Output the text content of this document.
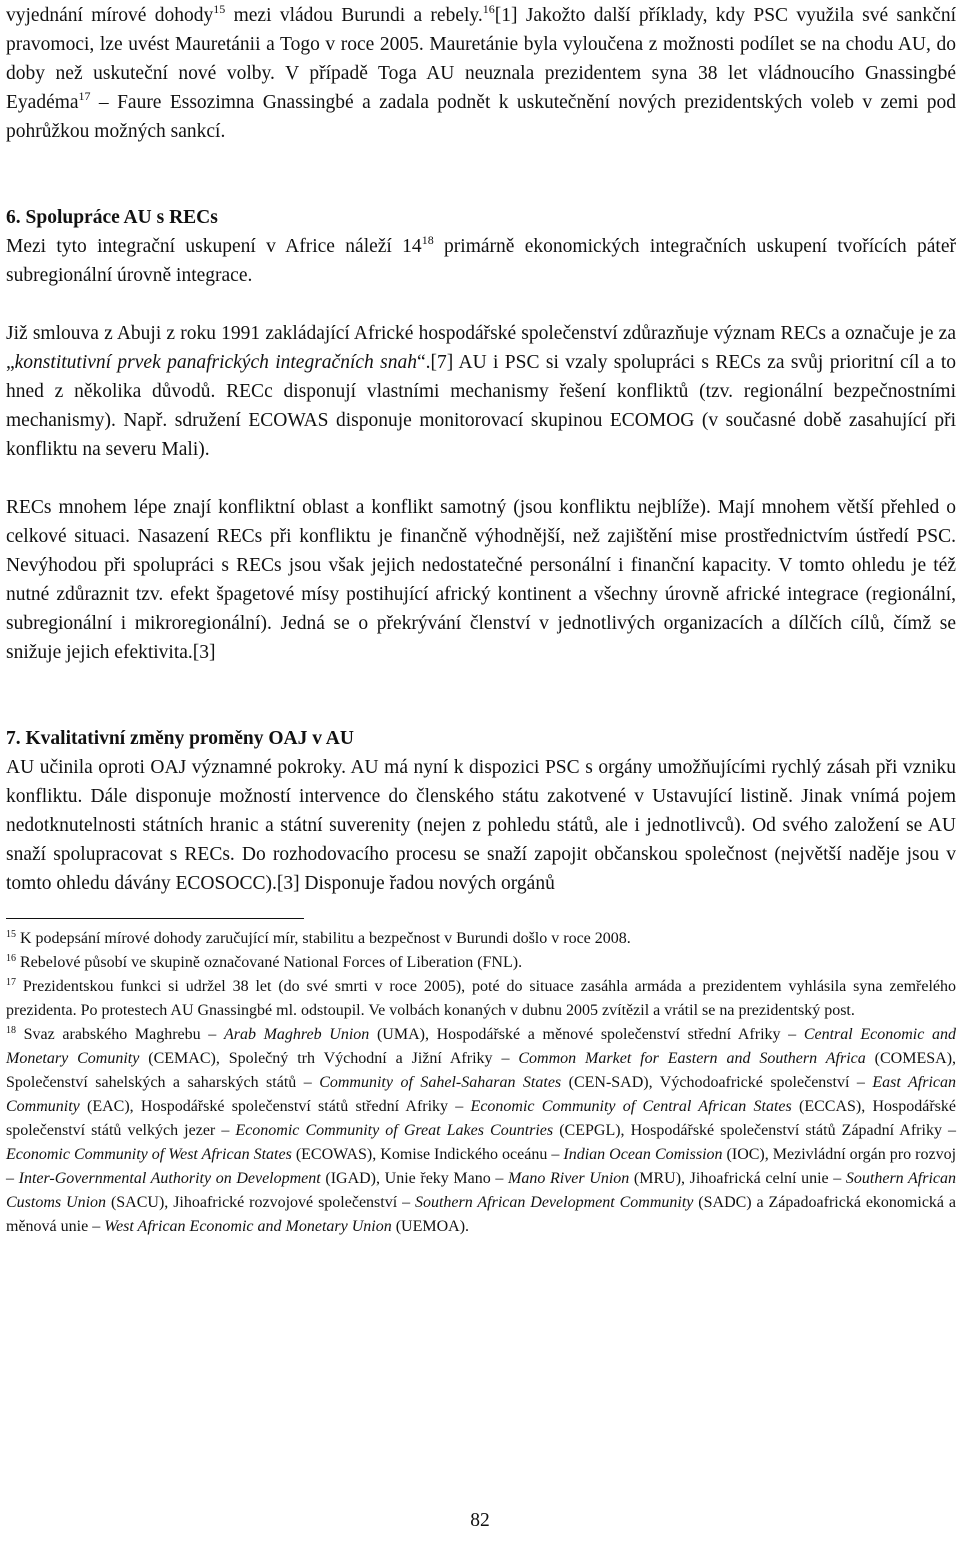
vyjednání mírové dohody$^{15}$ mezi vládou Burundi a rebely.$^{16}$[1] Jakožto další příklady, kdy PSC využila své sankční pravomoci, lze uvést Mauretánii a Togo v roce 2005. Mauretánie byla vyloučena z možnosti podílet se na chodu AU, do doby než uskuteční nové volby. V případě Toga AU neuznala prezidentem syna 38 let vládnoucího Gnassingbé Eyadéma$^{17}$ – Faure Essozimna Gnassingbé a zadala podnět k uskutečnění nových prezidentských voleb v zemi pod pohrůžkou možných sankcí.

6. Spolupráce AU s RECs

Mezi tyto integrační uskupení v Africe náleží $14^{18}$ primárně ekonomických integračních uskupení tvořících páteř subregionální úrovně integrace.

Již smlouva z Abuji z roku 1991 zakládající Africké hospodářské společenství zdůrazňuje význam RECs a označuje je za „konstitutivní prvek panafrických integračních snah“.[7] AU i PSC si vzaly spolupráci s RECs za svůj prioritní cíl a to hned z několika důvodů. RECc disponují vlastními mechanismy řešení konfliktů (tzv. regionální bezpečnostními mechanismy). Např. sdružení ECOWAS disponuje monitorovací skupinou ECOMOG (v současné době zasahující při konfliktu na severu Mali).

RECs mnohem lépe znají konfliktní oblast a konflikt samotný (jsou konfliktu nejblíže). Mají mnohem větší přehled o celkové situaci. Nasazení RECs při konfliktu je finančně výhodnější, než zajištění mise prostřednictvím ústředí PSC. Nevýhodou při spolupráci s RECs jsou však jejich nedostatečné personální i finanční kapacity. V tomto ohledu je též nutné zdůraznit tzv. efekt špagetové mísy postihující africký kontinent a všechny úrovně africké integrace (regionální, subregionální i mikroregionální). Jedná se o překrývání členství v jednotlivých organizacích a dílčích cílů, čímž se snižuje jejich efektivita.[3]

7. Kvalitativní změny proměny OAJ v AU

AU učinila oproti OAJ významné pokroky. AU má nyní k dispozici PSC s orgány umožňujícími rychlý zásah při vzniku konfliktu. Dále disponuje možností intervence do členského státu zakotvené v Ustavující listině. Jinak vnímá pojem nedotknutelnosti státních hranic a státní suverenity (nejen z pohledu států, ale i jednotlivců). Od svého založení se AU snaží spolupracovat s RECs. Do rozhodovacího procesu se snaží zapojit občanskou společnost (největší naděje jsou v tomto ohledu dávány ECOSOCC).[3] Disponuje řadou nových orgánů

$^{15}$ K podepsání mírové dohody zaručující mír, stabilitu a bezpečnost v Burundi došlo v roce 2008.

$^{16}$ Rebelové působí ve skupině označované National Forces of Liberation (FNL).

$^{17}$ Prezidentskou funkci si udržel 38 let (do své smrti v roce 2005), poté do situace zasáhla armáda a prezidentem vyhlásila syna zemřelého prezidenta. Po protestech AU Gnassingbé ml. odstoupil. Ve volbách konaných v dubnu 2005 zvítězil a vrátil se na prezidentský post.

$^{18}$ Svaz arabského Maghrebu – Arab Maghreb Union (UMA), Hospodářské a měnové společenství střední Afriky – Central Economic and Monetary Comunity (CEMAC), Společný trh Východní a Jižní Afriky – Common Market for Eastern and Southern Africa (COMESA), Společenství sahelských a saharských států – Community of Sahel-Saharan States (CEN-SAD), Východoafrické společenství – East African Community (EAC), Hospodářské společenství států střední Afriky – Economic Community of Central African States (ECCAS), Hospodářské společenství států velkých jezer – Economic Community of Great Lakes Countries (CEPGL), Hospodářské společenství států Západní Afriky – Economic Community of West African States (ECOWAS), Komise Indického oceánu – Indian Ocean Comission (IOC), Mezivládní orgán pro rozvoj – Inter-Governmental Authority on Development (IGAD), Unie řeky Mano – Mano River Union (MRU), Jihoafrická celní unie – Southern African Customs Union (SACU), Jihoafrické rozvojové společenství – Southern African Development Community (SADC) a Západoafrická ekonomická a měnová unie – West African Economic and Monetary Union (UEMOA).

82
